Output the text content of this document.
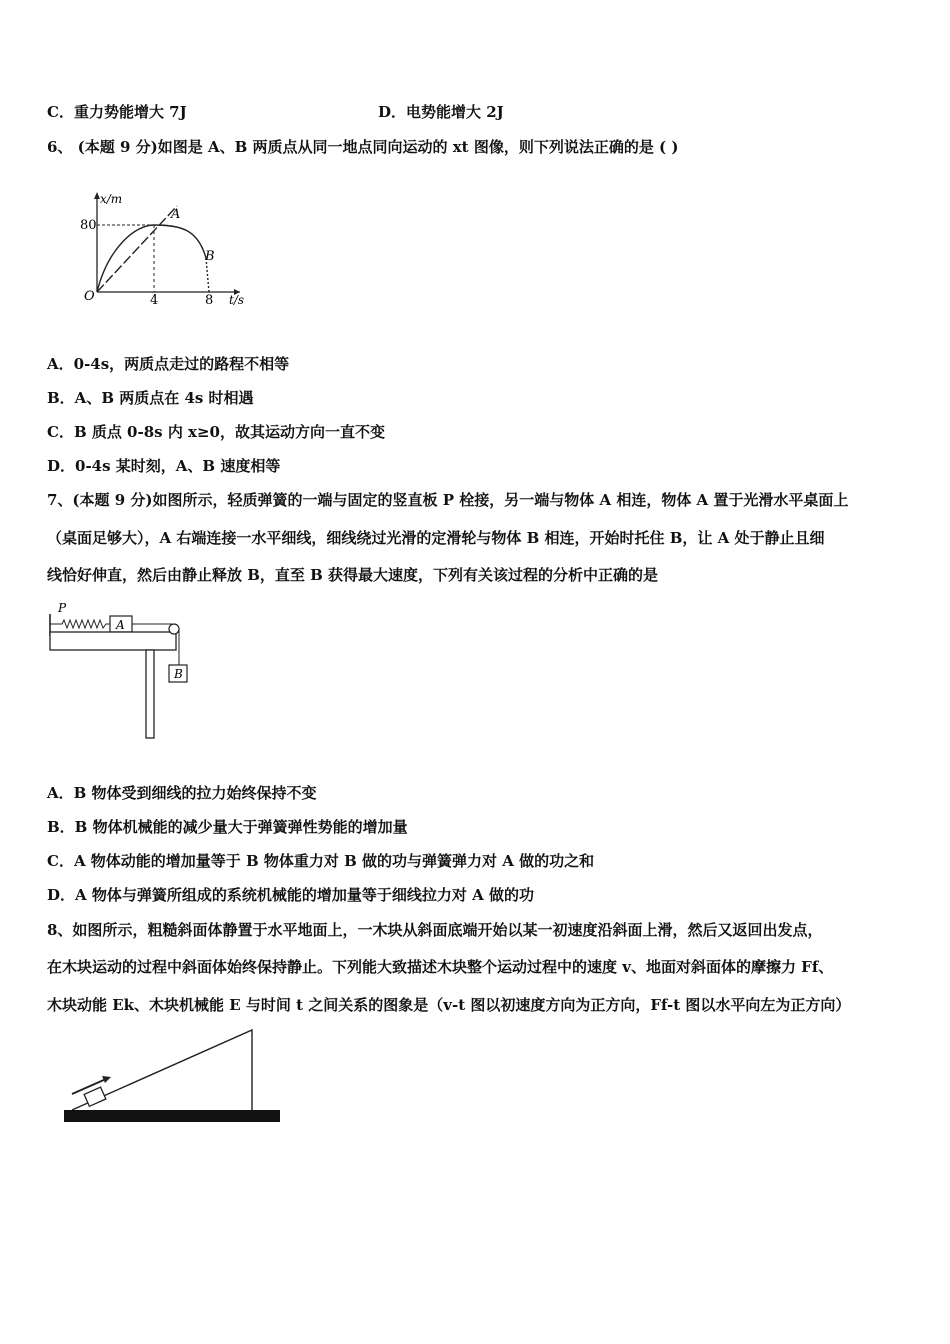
C．重力势能增大 7J	D．电势能增大 2J
6、 (本题 9 分)如图是 A、B 两质点从同一地点同向运动的 xt 图像，则下列说法正确的是 ( )
x/m
80
O	4	8 t/s
A
B
A．0-4s，两质点走过的路程不相等
B．A、B 两质点在 4s 时相遇
C．B 质点 0-8s 内 x≥0，故其运动方向一直不变
D．0-4s 某时刻，A、B 速度相等
7、(本题 9 分)如图所示，轻质弹簧的一端与固定的竖直板 P 栓接，另一端与物体 A 相连，物体 A 置于光滑水平桌面上
（桌面足够大），A 右端连接一水平细线，细线绕过光滑的定滑轮与物体 B 相连，开始时托住 B，让 A 处于静止且细
线恰好伸直，然后由静止释放 B，直至 B 获得最大速度，下列有关该过程的分析中正确的是
P
A
B
A．B 物体受到细线的拉力始终保持不变
B．B 物体机械能的减少量大于弹簧弹性势能的增加量
C．A 物体动能的增加量等于 B 物体重力对 B 做的功与弹簧弹力对 A 做的功之和
D．A 物体与弹簧所组成的系统机械能的增加量等于细线拉力对 A 做的功
8、如图所示，粗糙斜面体静置于水平地面上，一木块从斜面底端开始以某一初速度沿斜面上滑，然后又返回出发点，
在木块运动的过程中斜面体始终保持静止。下列能大致描述木块整个运动过程中的速度 v、地面对斜面体的摩擦力 Ff、
木块动能 Ek、木块机械能 E 与时间 t 之间关系的图象是（v-t 图以初速度方向为正方向，Ff-t 图以水平向左为正方向）
